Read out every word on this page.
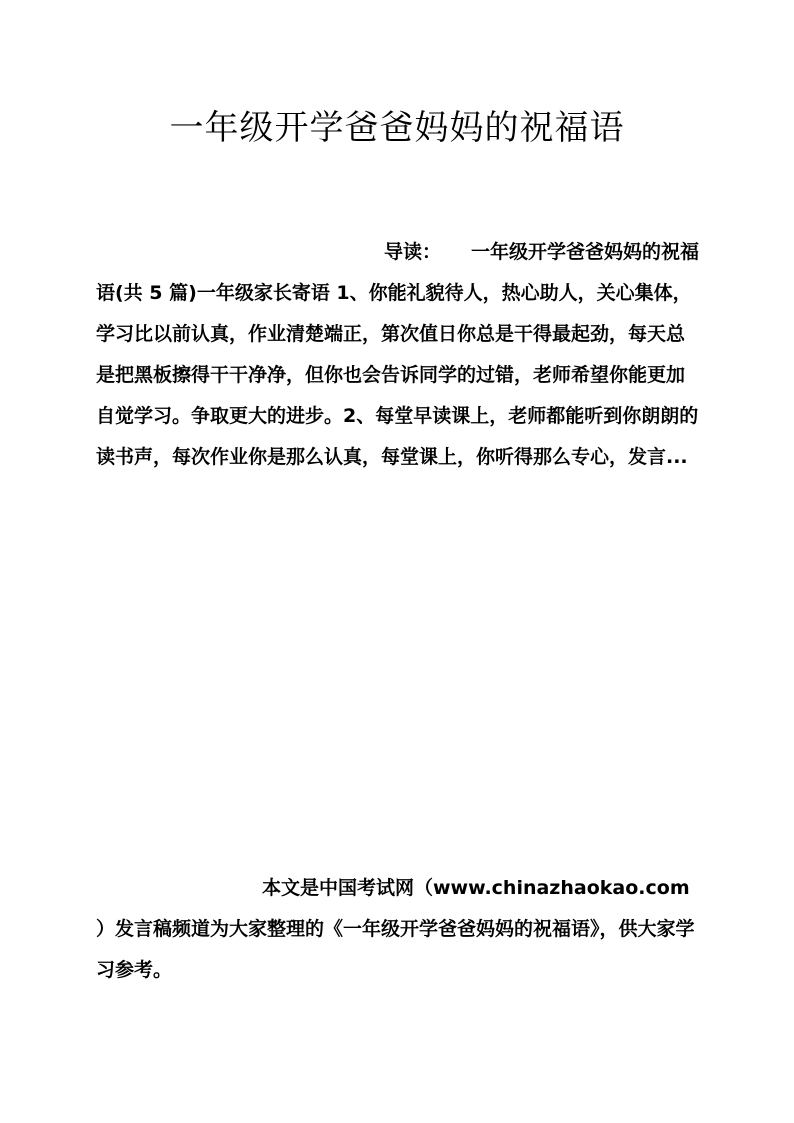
一年级开学爸爸妈妈的祝福语
导读： 一年级开学爸爸妈妈的祝福语(共 5 篇)一年级家长寄语 1、你能礼貌待人，热心助人，关心集体，学习比以前认真，作业清楚端正，第次值日你总是干得最起劲，每天总是把黑板擦得干干净净，但你也会告诉同学的过错，老师希望你能更加自觉学习。争取更大的进步。2、每堂早读课上，老师都能听到你朗朗的读书声，每次作业你是那么认真，每堂课上，你听得那么专心，发言...
本文是中国考试网（www.chinazhaokao.com ）发言稿频道为大家整理的《一年级开学爸爸妈妈的祝福语》，供大家学习参考。
